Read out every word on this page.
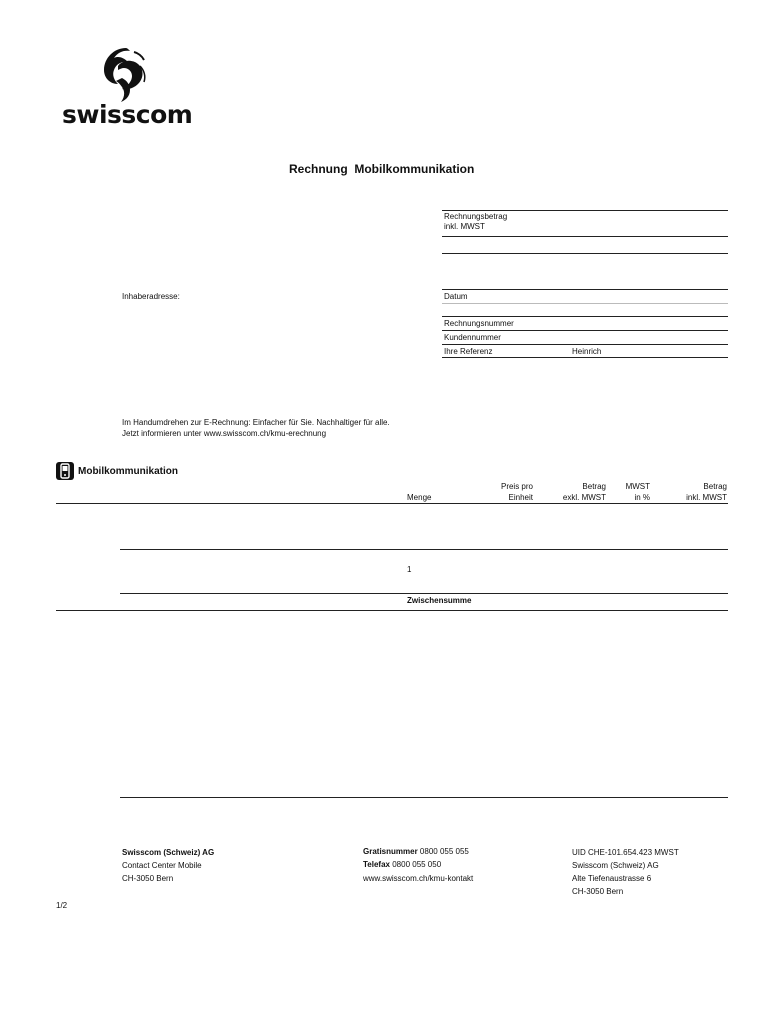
swisscom
Rechnung  Mobilkommunikation
Rechnungsbetrag
inkl. MWST
Datum
Rechnungsnummer
Kundennummer
Ihre Referenz	Heinrich
Inhaberadresse:
Im Handumdrehen zur E-Rechnung: Einfacher für Sie. Nachhaltiger für alle.
Jetzt informieren unter www.swisscom.ch/kmu-erechnung
Mobilkommunikation
Menge
Preis pro
Einheit
Betrag
exkl. MWST
MWST
in %
Betrag
inkl. MWST
1
Zwischensumme
Swisscom (Schweiz) AG
Contact Center Mobile
CH-3050 Bern
Gratisnummer 0800 055 055
Telefax 0800 055 050
www.swisscom.ch/kmu-kontakt
UID CHE-101.654.423 MWST
Swisscom (Schweiz) AG
Alte Tiefenaustrasse 6
CH-3050 Bern
1/2
